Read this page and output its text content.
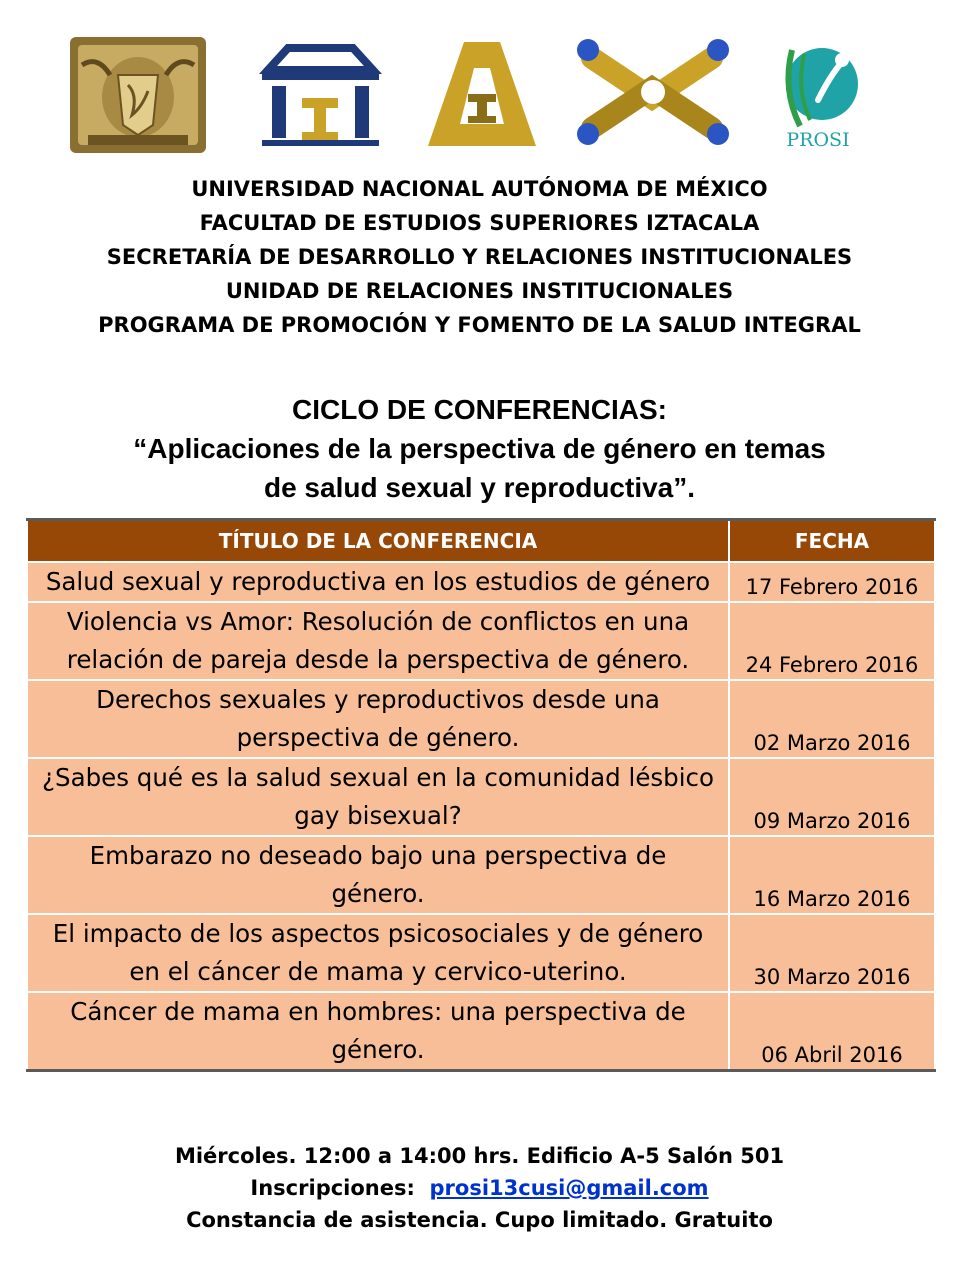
PROSI
UNIVERSIDAD NACIONAL AUTÓNOMA DE MÉXICO
FACULTAD DE ESTUDIOS SUPERIORES IZTACALA
SECRETARÍA DE DESARROLLO Y RELACIONES INSTITUCIONALES
UNIDAD DE RELACIONES INSTITUCIONALES
PROGRAMA DE PROMOCIÓN Y FOMENTO DE LA SALUD INTEGRAL
CICLO DE CONFERENCIAS:
“Aplicaciones de la perspectiva de género en temas
de salud sexual y reproductiva”.
TÍTULO DE LA CONFERENCIA	FECHA

Salud sexual y reproductiva en los estudios de género	17 Febrero 2016

Violencia vs Amor: Resolución de conflictos en una
relación de pareja desde la perspectiva de género.	24 Febrero 2016

Derechos sexuales y reproductivos desde una
perspectiva de género.	02 Marzo 2016

¿Sabes qué es la salud sexual en la comunidad lésbico
gay bisexual?	09 Marzo 2016

Embarazo no deseado bajo una perspectiva de
género.	16 Marzo 2016

El impacto de los aspectos psicosociales y de género
en el cáncer de mama y cervico-uterino.	30 Marzo 2016

Cáncer de mama en hombres: una perspectiva de
género.	06 Abril 2016
Miércoles. 12:00 a 14:00 hrs. Edificio A-5 Salón 501
Inscripciones: prosi13cusi@gmail.com
Constancia de asistencia. Cupo limitado. Gratuito
